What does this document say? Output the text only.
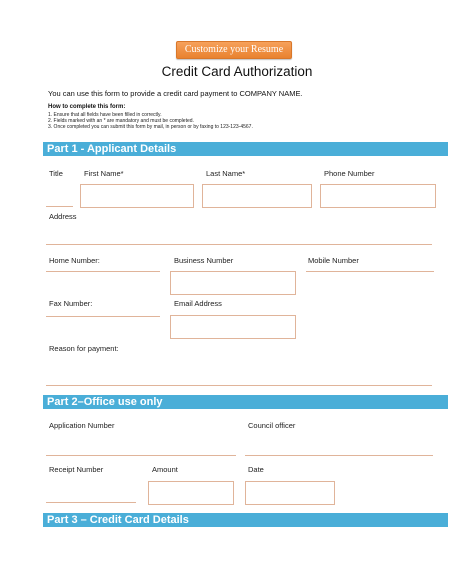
Customize your Resume
Credit Card Authorization
You can use this form to provide a credit card payment to COMPANY NAME.
How to complete this form:
1. Ensure that all fields have been filled in correctly.
2. Fields marked with an * are mandatory and must be completed.
3. Once completed you can submit this form by mail, in person or by faxing to 123-123-4567.
Part 1 - Applicant Details
Title	First Name*	Last Name*	Phone Number
Address
Home Number:	Business Number	Mobile Number
Fax Number:	Email Address
Reason for payment:
Part 2–Office use only
Application Number	Council officer
Receipt Number	Amount	Date
Part 3 – Credit Card Details
